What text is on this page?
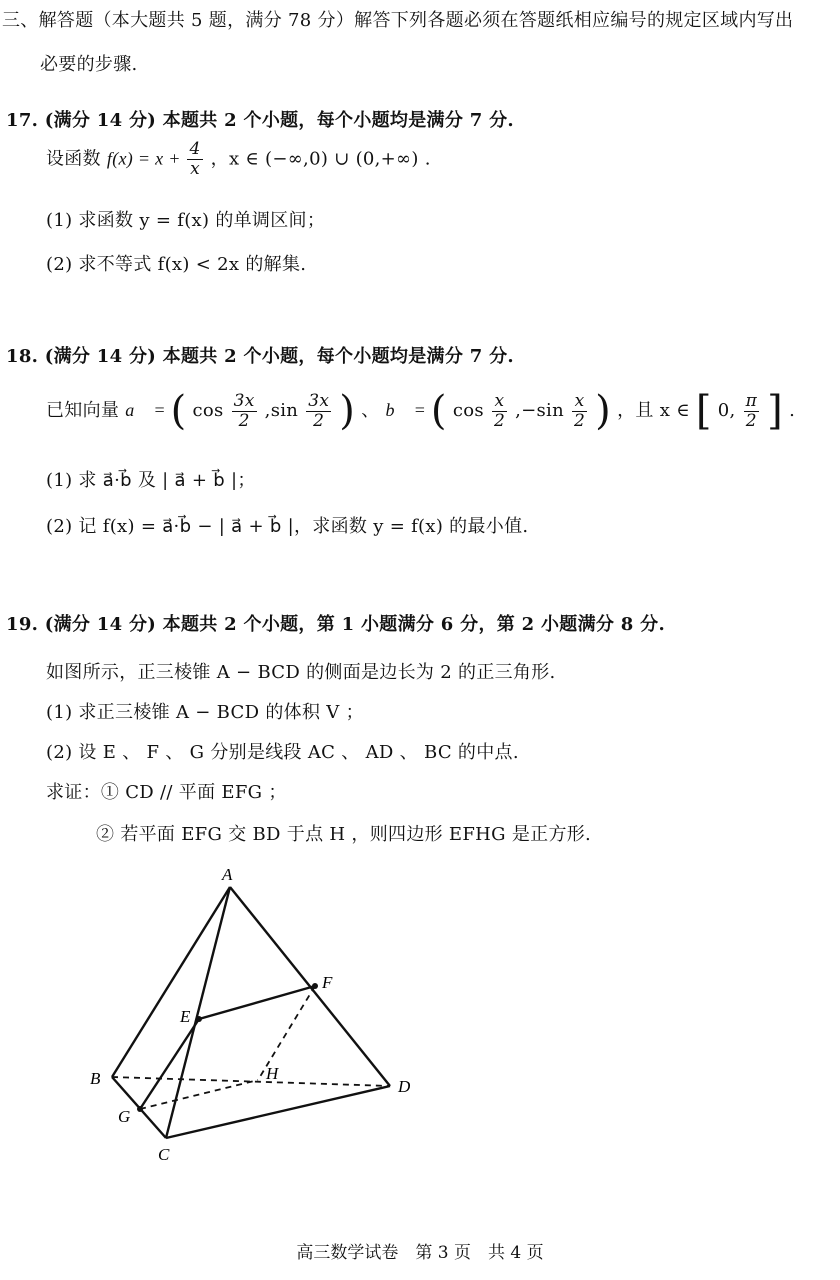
三、解答题（本大题共 5 题，满分 78 分）解答下列各题必须在答题纸相应编号的规定区域内写出
必要的步骤.
17. (满分 14 分) 本题共 2 个小题，每个小题均是满分 7 分.
设函数 $f(x) = x + \frac{4}{x}$ ，x ∈ (−∞,0) ∪ (0,+∞) .
(1) 求函数 y = f(x) 的单调区间；
(2) 求不等式 f(x) < 2x 的解集.
18. (满分 14 分) 本题共 2 个小题，每个小题均是满分 7 分.
已知向量 a⃗ = ( $\cos \frac{3x}{2} ,\sin \frac{3x}{2}$ ) 、 b⃗ = ( $\cos \frac{x}{2} ,-\sin \frac{x}{2}$ ) ，且 x ∈ [ 0, $\frac{\pi}{2}$ ] .
(1) 求 a⃗·b⃗ 及 | a⃗ + b⃗ |；
(2) 记 f(x) = a⃗·b⃗ − | a⃗ + b⃗ |，求函数 y = f(x) 的最小值.
19. (满分 14 分) 本题共 2 个小题，第 1 小题满分 6 分，第 2 小题满分 8 分.
如图所示，正三棱锥 A − BCD 的侧面是边长为 2 的正三角形.
(1) 求正三棱锥 A − BCD 的体积 V ；
(2) 设 E 、 F 、 G 分别是线段 AC 、 AD 、 BC 的中点.
求证：① CD // 平面 EFG ；
② 若平面 EFG 交 BD 于点 H ，则四边形 EFHG 是正方形.
A
B
C
D
E
F
G
H
高三数学试卷　第 3 页　共 4 页
